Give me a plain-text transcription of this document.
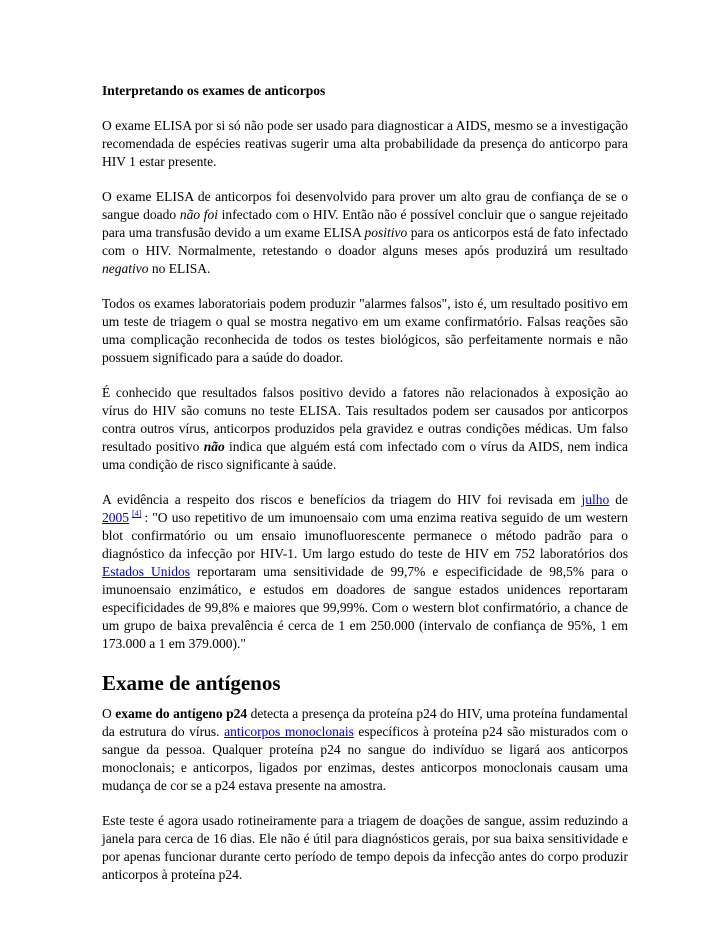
Interpretando os exames de anticorpos

O exame ELISA por si só não pode ser usado para diagnosticar a AIDS, mesmo se a investigação recomendada de espécies reativas sugerir uma alta probabilidade da presença do anticorpo para HIV 1 estar presente.

O exame ELISA de anticorpos foi desenvolvido para prover um alto grau de confiança de se o sangue doado não foi infectado com o HIV. Então não é possível concluir que o sangue rejeitado para uma transfusão devido a um exame ELISA positivo para os anticorpos está de fato infectado com o HIV. Normalmente, retestando o doador alguns meses após produzirá um resultado negativo no ELISA.

Todos os exames laboratoriais podem produzir "alarmes falsos", isto é, um resultado positivo em um teste de triagem o qual se mostra negativo em um exame confirmatório. Falsas reações são uma complicação reconhecida de todos os testes biológicos, são perfeitamente normais e não possuem significado para a saúde do doador.

É conhecido que resultados falsos positivo devido a fatores não relacionados à exposição ao vírus do HIV são comuns no teste ELISA. Tais resultados podem ser causados por anticorpos contra outros vírus, anticorpos produzidos pela gravidez e outras condições médicas. Um falso resultado positivo não indica que alguém está com infectado com o vírus da AIDS, nem indica uma condição de risco significante à saúde.

A evidência a respeito dos riscos e benefícios da triagem do HIV foi revisada em julho de 2005 [4] : "O uso repetitivo de um imunoensaio com uma enzima reativa seguido de um western blot confirmatório ou um ensaio imunofluorescente permanece o método padrão para o diagnóstico da infecção por HIV-1. Um largo estudo do teste de HIV em 752 laboratórios dos Estados Unidos reportaram uma sensitividade de 99,7% e especificidade de 98,5% para o imunoensaio enzimático, e estudos em doadores de sangue estados unidences reportaram especificidades de 99,8% e maiores que 99,99%. Com o western blot confirmatório, a chance de um grupo de baixa prevalência é cerca de 1 em 250.000 (intervalo de confiança de 95%, 1 em 173.000 a 1 em 379.000)."

Exame de antígenos

O exame do antígeno p24 detecta a presença da proteína p24 do HIV, uma proteína fundamental da estrutura do vírus. anticorpos monoclonais específicos à proteína p24 são misturados com o sangue da pessoa. Qualquer proteína p24 no sangue do indivíduo se ligará aos anticorpos monoclonais; e anticorpos, ligados por enzimas, destes anticorpos monoclonais causam uma mudança de cor se a p24 estava presente na amostra.

Este teste é agora usado rotineiramente para a triagem de doações de sangue, assim reduzindo a janela para cerca de 16 dias. Ele não é útil para diagnósticos gerais, por sua baixa sensitividade e por apenas funcionar durante certo período de tempo depois da infecção antes do corpo produzir anticorpos à proteína p24.
